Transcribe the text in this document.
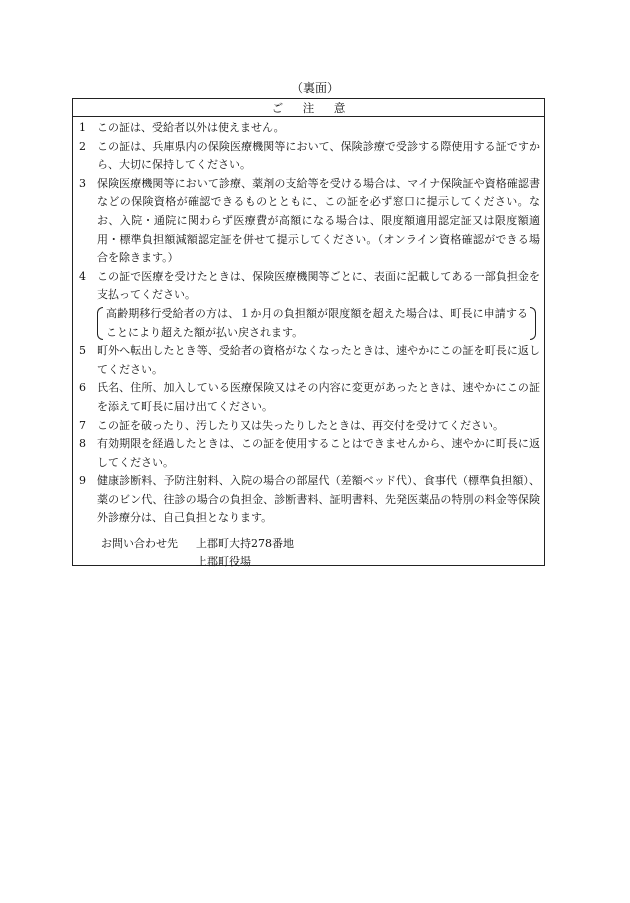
（裏面）
ご 注 意
1	この証は、受給者以外は使えません。
2	この証は、兵庫県内の保険医療機関等において、保険診療で受診する際使用する証ですから、大切に保持してください。
3	保険医療機関等において診療、薬剤の支給等を受ける場合は、マイナ保険証や資格確認書などの保険資格が確認できるものとともに、この証を必ず窓口に提示してください。なお、入院・通院に関わらず医療費が高額になる場合は、限度額適用認定証又は限度額適用・標準負担額減額認定証を併せて提示してください。（オンライン資格確認ができる場合を除きます。）
4	この証で医療を受けたときは、保険医療機関等ごとに、表面に記載してある一部負担金を支払ってください。
高齢期移行受給者の方は、１か月の負担額が限度額を超えた場合は、町長に申請することにより超えた額が払い戻されます。
5	町外へ転出したとき等、受給者の資格がなくなったときは、速やかにこの証を町長に返してください。
6	氏名、住所、加入している医療保険又はその内容に変更があったときは、速やかにこの証を添えて町長に届け出てください。
7	この証を破ったり、汚したり又は失ったりしたときは、再交付を受けてください。
8	有効期限を経過したときは、この証を使用することはできませんから、速やかに町長に返してください。
9	健康診断料、予防注射料、入院の場合の部屋代（差額ベッド代）、食事代（標準負担額）、薬のビン代、往診の場合の負担金、診断書料、証明書料、先発医薬品の特別の料金等保険外診療分は、自己負担となります。
お問い合わせ先	上郡町大持278番地
上郡町役場
